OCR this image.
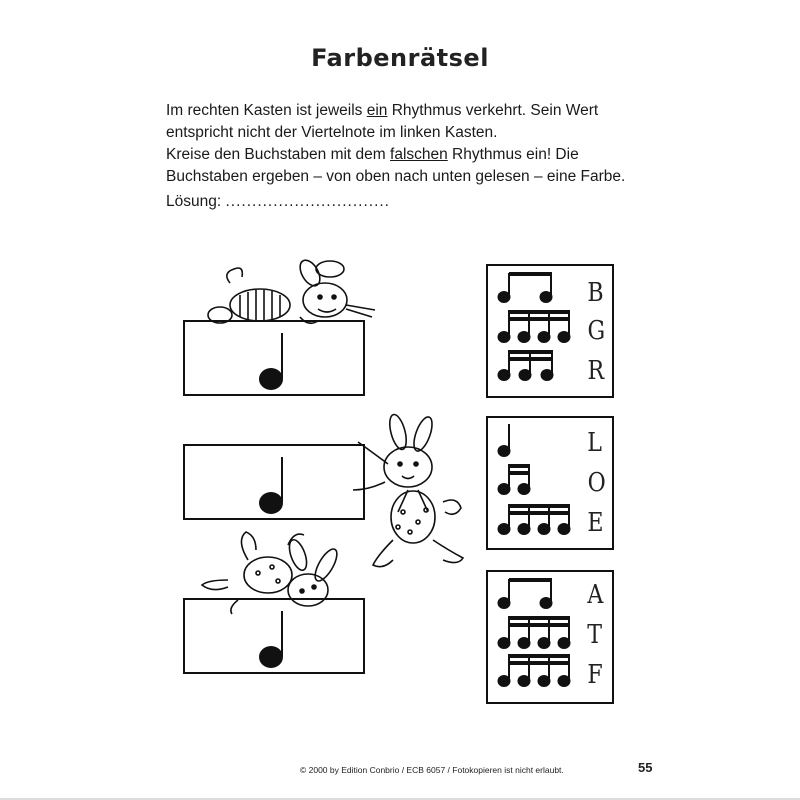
Farbenrätsel

Im rechten Kasten ist jeweils ein Rhythmus verkehrt. Sein Wert

entspricht nicht der Viertelnote im linken Kasten.

Kreise den Buchstaben mit dem falschen Rhythmus ein! Die

Buchstaben ergeben – von oben nach unten gelesen – eine Farbe.

Lösung: ...............................
B
G
R
L
O
E
A
T
F
© 2000 by Edition Conbrio / ECB 6057 / Fotokopieren ist nicht erlaubt.	55
